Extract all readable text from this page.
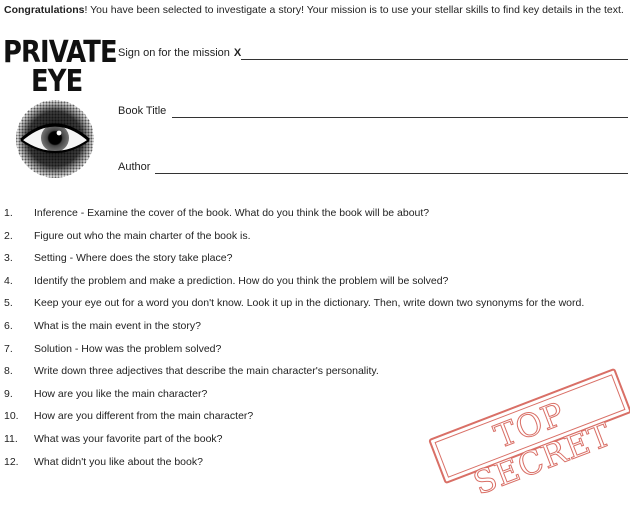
Congratulations! You have been selected to investigate a story! Your mission is to use your stellar skills to find key details in the text.
PRIVATE
EYE
Sign on for the mission X
Book Title
Author
1.	Inference - Examine the cover of the book. What do you think the book will be about?
2.	Figure out who the main charter of the book is.
3.	Setting - Where does the story take place?
4.	Identify the problem and make a prediction. How do you think the problem will be solved?
5.	Keep your eye out for a word you don't know. Look it up in the dictionary. Then, write down two synonyms for the word.
6.	What is the main event in the story?
7.	Solution - How was the problem solved?
8.	Write down three adjectives that describe the main character's personality.
9.	How are you like the main character?
10.	How are you different from the main character?
11.	What was your favorite part of the book?
12.	What didn't you like about the book?
TOP SECRET
